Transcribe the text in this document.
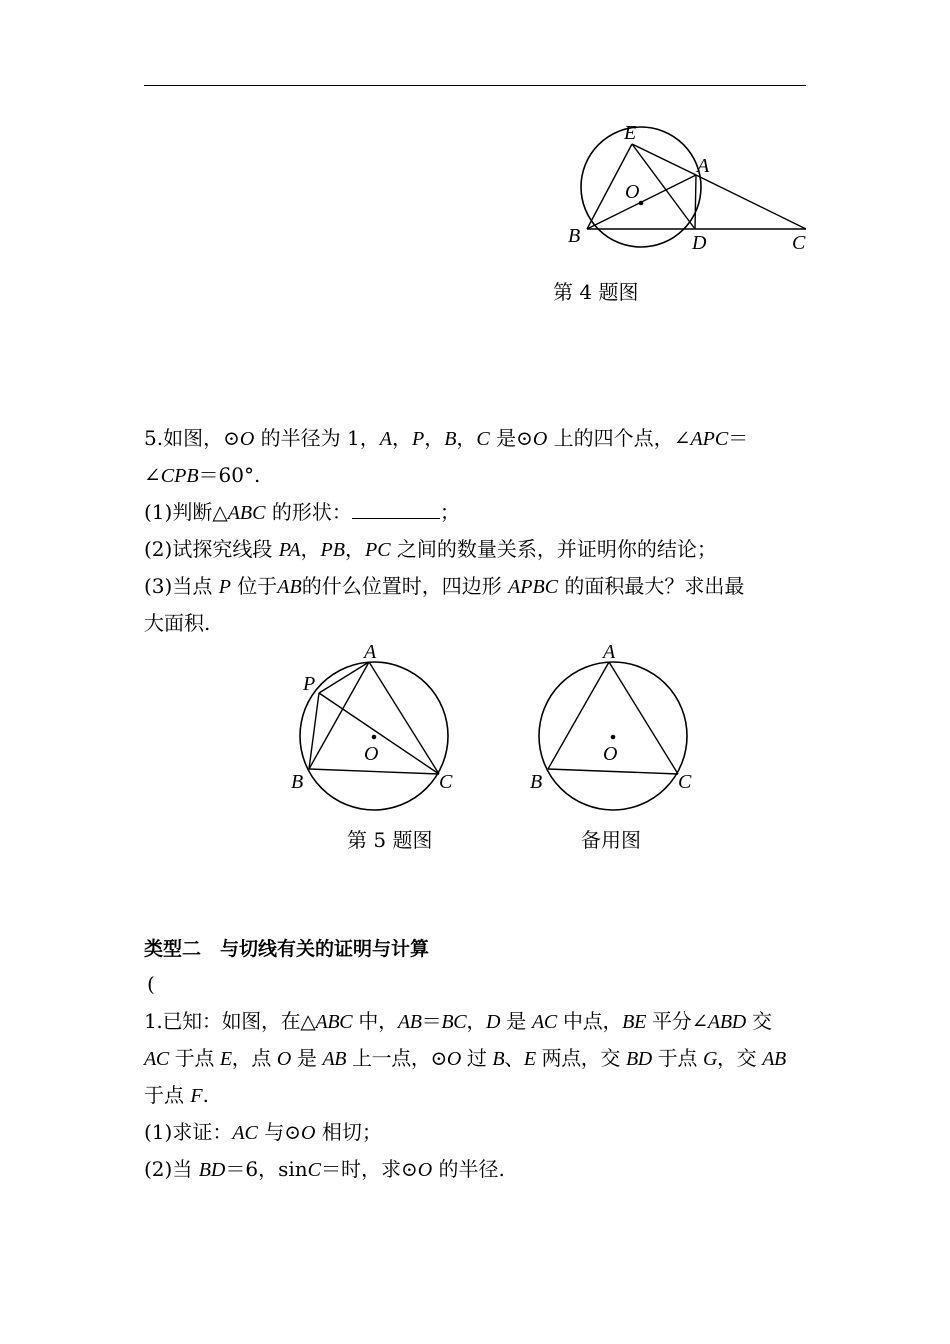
E
A
O
B	D	C
第 4 题图
5.如图，⊙O 的半径为 1，A，P，B，C 是⊙O 上的四个点，∠APC＝
∠CPB＝60°.
(1)判断△ABC 的形状：	；
(2)试探究线段 PA，PB，PC 之间的数量关系，并证明你的结论；
(3)当点 P 位于AB的什么位置时，四边形 APBC 的面积最大？求出最
大面积.
A
P
O
B	C
第 5 题图
A
O
B	C
备用图
类型二　与切线有关的证明与计算
(
1.已知：如图，在△ABC 中，AB＝BC，D 是 AC 中点，BE 平分∠ABD 交
AC 于点 E，点 O 是 AB 上一点，⊙O 过 B、E 两点，交 BD 于点 G，交 AB
于点 F.
(1)求证：AC 与⊙O 相切；
(2)当 BD＝6，sinC＝时，求⊙O 的半径.
